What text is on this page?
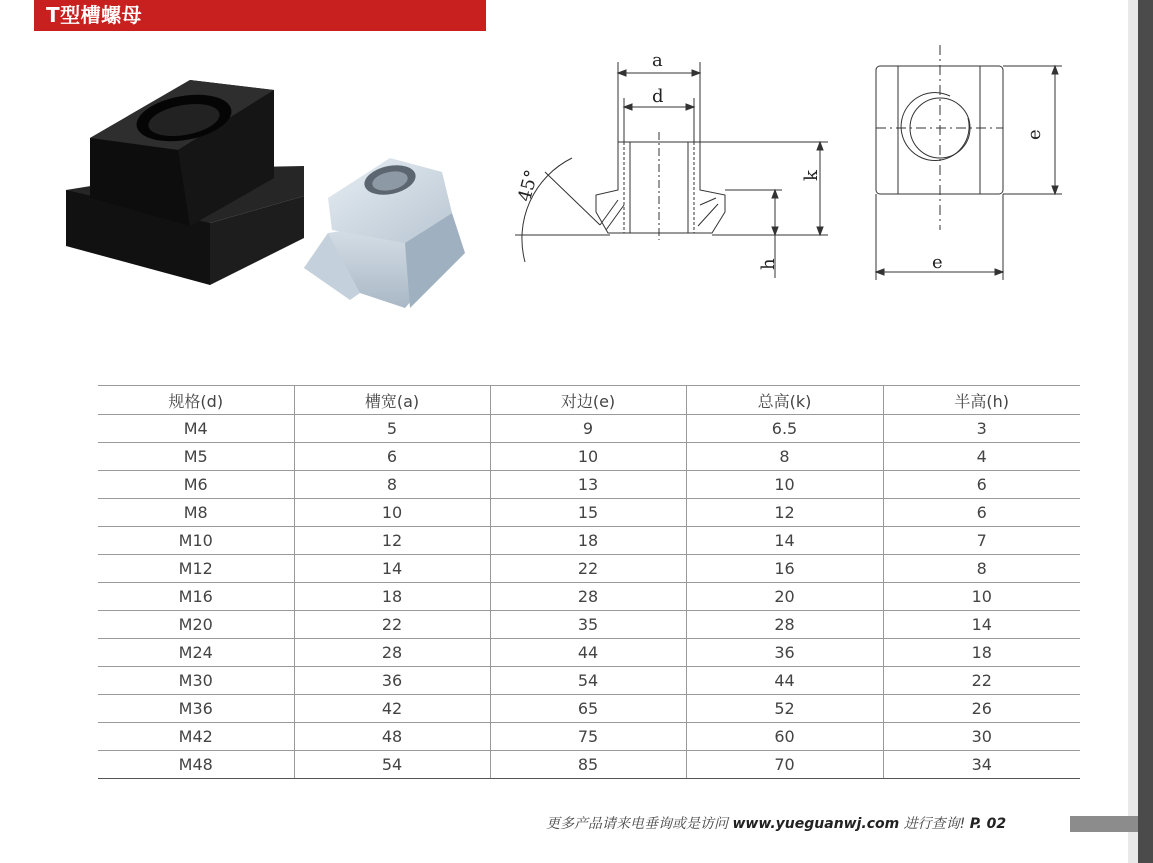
T型槽螺母
a
d
k
h
45°
e
e
规格(d)	槽宽(a)	对边(e)	总高(k)	半高(h)
M4	5	9	6.5	3
M5	6	10	8	4
M6	8	13	10	6
M8	10	15	12	6
M10	12	18	14	7
M12	14	22	16	8
M16	18	28	20	10
M20	22	35	28	14
M24	28	44	36	18
M30	36	54	44	22
M36	42	65	52	26
M42	48	75	60	30
M48	54	85	70	34
更多产品请来电垂询或是访问 www.yueguanwj.com 进行查询! P. 02
